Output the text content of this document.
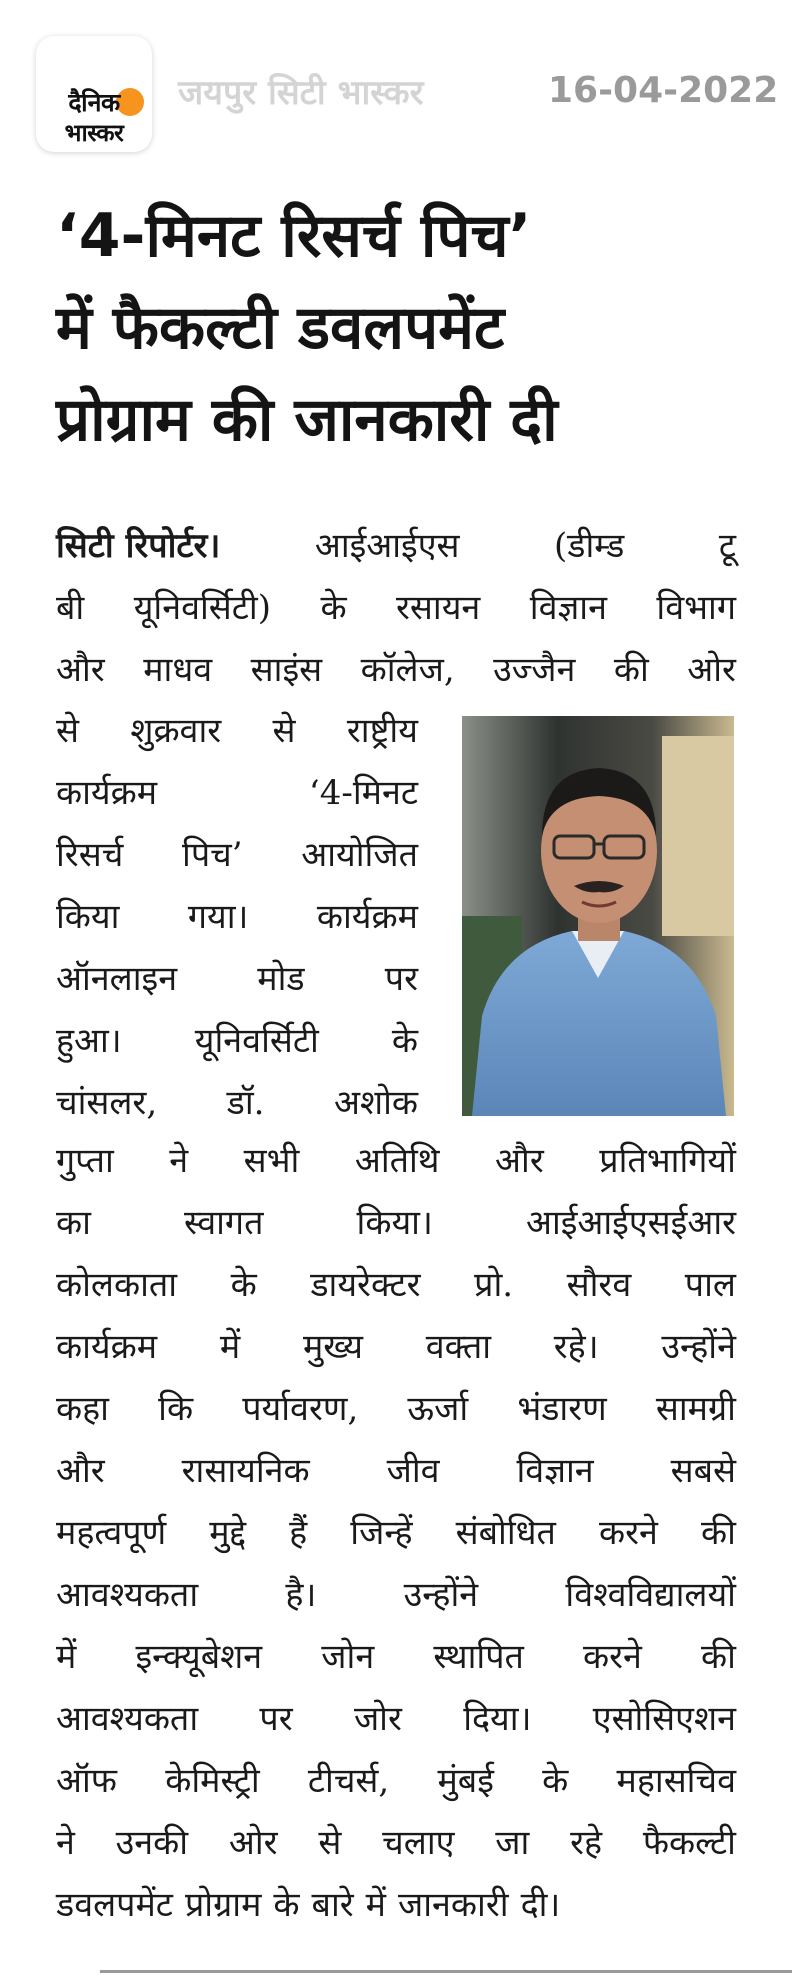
दैनिक
भास्कर
जयपुर सिटी भास्कर	16-04-2022
‘4-मिनट रिसर्च पिच’
में फैकल्टी डवलपमेंट
प्रोग्राम की जानकारी दी
सिटी रिपोर्टर।	आईआईएस	(डीम्ड	टू
बी यूनिवर्सिटी) के रसायन विज्ञान विभाग
और माधव साइंस कॉलेज, उज्जैन की ओर
से शुक्रवार से राष्ट्रीय
कार्यक्रम	‘4-मिनट
रिसर्च पिच’ आयोजित
किया गया। कार्यक्रम
ऑनलाइन मोड पर
हुआ। यूनिवर्सिटी के
चांसलर, डॉ. अशोक
गुप्ता ने सभी अतिथि और प्रतिभागियों
का	स्वागत	किया।	आईआईएसईआर
कोलकाता के डायरेक्टर प्रो. सौरव पाल
कार्यक्रम में मुख्य वक्ता रहे। उन्होंने
कहा कि पर्यावरण, ऊर्जा भंडारण सामग्री
और रासायनिक जीव विज्ञान सबसे
महत्वपूर्ण मुद्दे हैं जिन्हें संबोधित करने की
आवश्यकता	है।	उन्होंने	विश्वविद्यालयों
में इन्क्यूबेशन जोन स्थापित करने की
आवश्यकता पर जोर दिया। एसोसिएशन
ऑफ केमिस्ट्री टीचर्स, मुंबई के महासचिव
ने उनकी ओर से चलाए जा रहे फैकल्टी
डवलपमेंट प्रोग्राम के बारे में जानकारी दी।
